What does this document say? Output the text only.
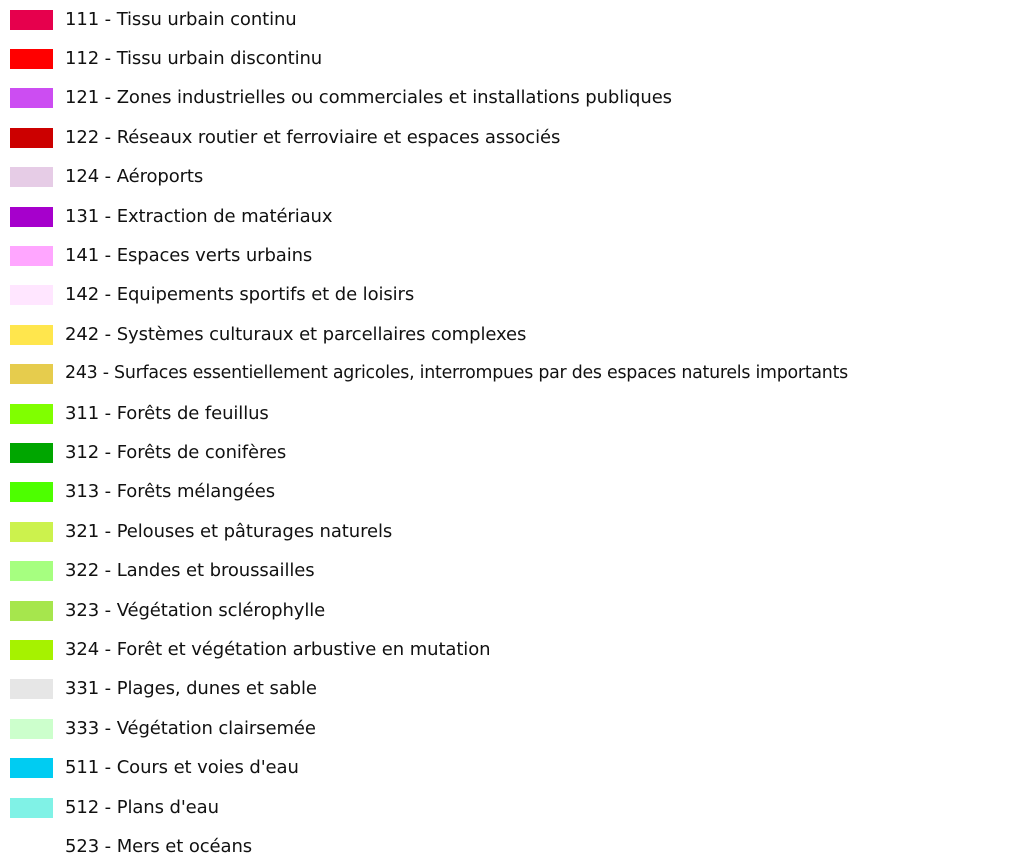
111 - Tissu urbain continu
112 - Tissu urbain discontinu
121 - Zones industrielles ou commerciales et installations publiques
122 - Réseaux routier et ferroviaire et espaces associés
124 - Aéroports
131 - Extraction de matériaux
141 - Espaces verts urbains
142 - Equipements sportifs et de loisirs
242 - Systèmes culturaux et parcellaires complexes
243 - Surfaces essentiellement agricoles, interrompues par des espaces naturels importants
311 - Forêts de feuillus
312 - Forêts de conifères
313 - Forêts mélangées
321 - Pelouses et pâturages naturels
322 - Landes et broussailles
323 - Végétation sclérophylle
324 - Forêt et végétation arbustive en mutation
331 - Plages, dunes et sable
333 - Végétation clairsemée
511 - Cours et voies d'eau
512 - Plans d'eau
523 - Mers et océans
